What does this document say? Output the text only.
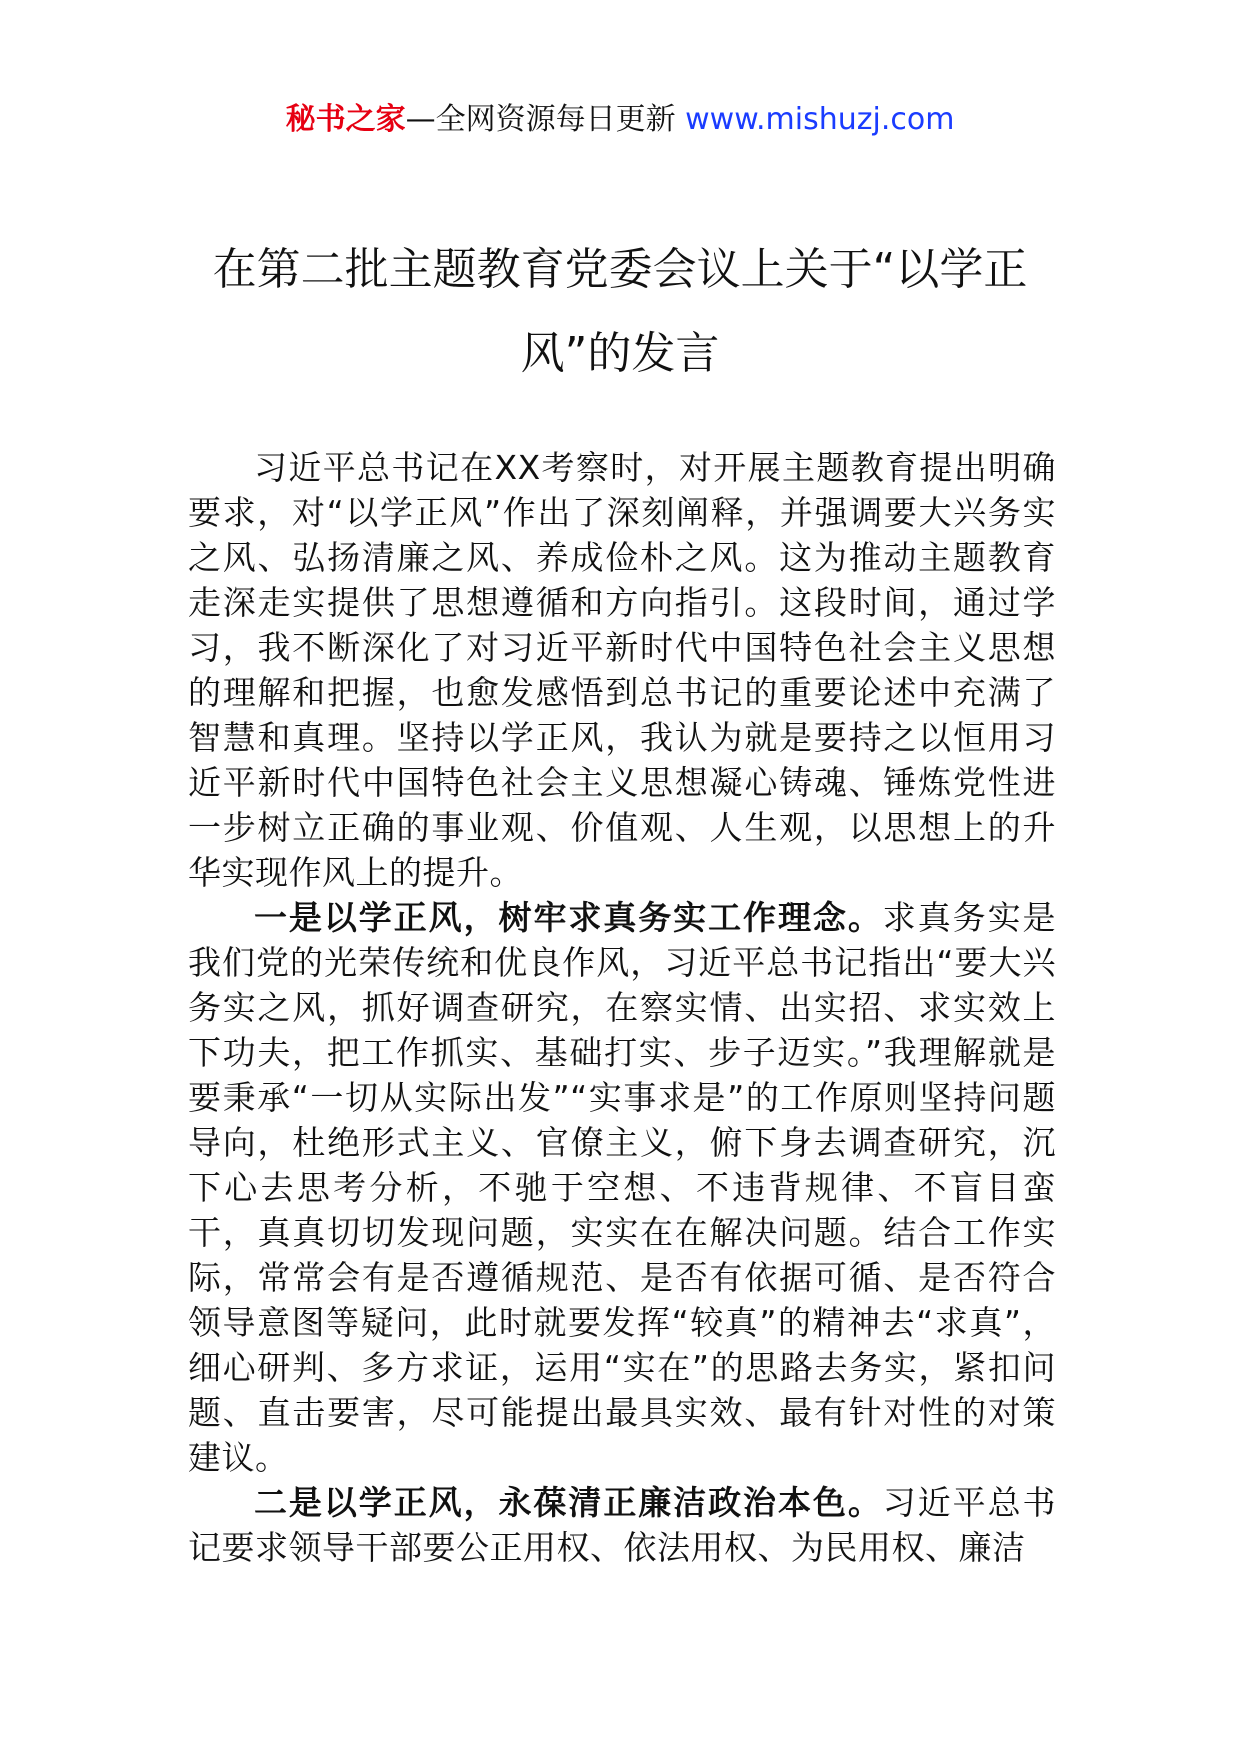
秘书之家—全网资源每日更新 www.mishuzj.com
在第二批主题教育党委会议上关于“以学正风”的发言

习近平总书记在XX考察时，对开展主题教育提出明确要求，对“以学正风”作出了深刻阐释，并强调要大兴务实之风、弘扬清廉之风、养成俭朴之风。这为推动主题教育走深走实提供了思想遵循和方向指引。这段时间，通过学习，我不断深化了对习近平新时代中国特色社会主义思想的理解和把握，也愈发感悟到总书记的重要论述中充满了智慧和真理。坚持以学正风，我认为就是要持之以恒用习近平新时代中国特色社会主义思想凝心铸魂、锤炼党性进一步树立正确的事业观、价值观、人生观，以思想上的升华实现作风上的提升。

一是以学正风，树牢求真务实工作理念。求真务实是我们党的光荣传统和优良作风，习近平总书记指出“要大兴务实之风，抓好调查研究，在察实情、出实招、求实效上下功夫，把工作抓实、基础打实、步子迈实。”我理解就是要秉承“一切从实际出发”“实事求是”的工作原则坚持问题导向，杜绝形式主义、官僚主义，俯下身去调查研究，沉下心去思考分析，不驰于空想、不违背规律、不盲目蛮干，真真切切发现问题，实实在在解决问题。结合工作实际，常常会有是否遵循规范、是否有依据可循、是否符合领导意图等疑问，此时就要发挥“较真”的精神去“求真”，细心研判、多方求证，运用“实在”的思路去务实，紧扣问题、直击要害，尽可能提出最具实效、最有针对性的对策建议。

二是以学正风，永葆清正廉洁政治本色。习近平总书记要求领导干部要公正用权、依法用权、为民用权、廉洁
